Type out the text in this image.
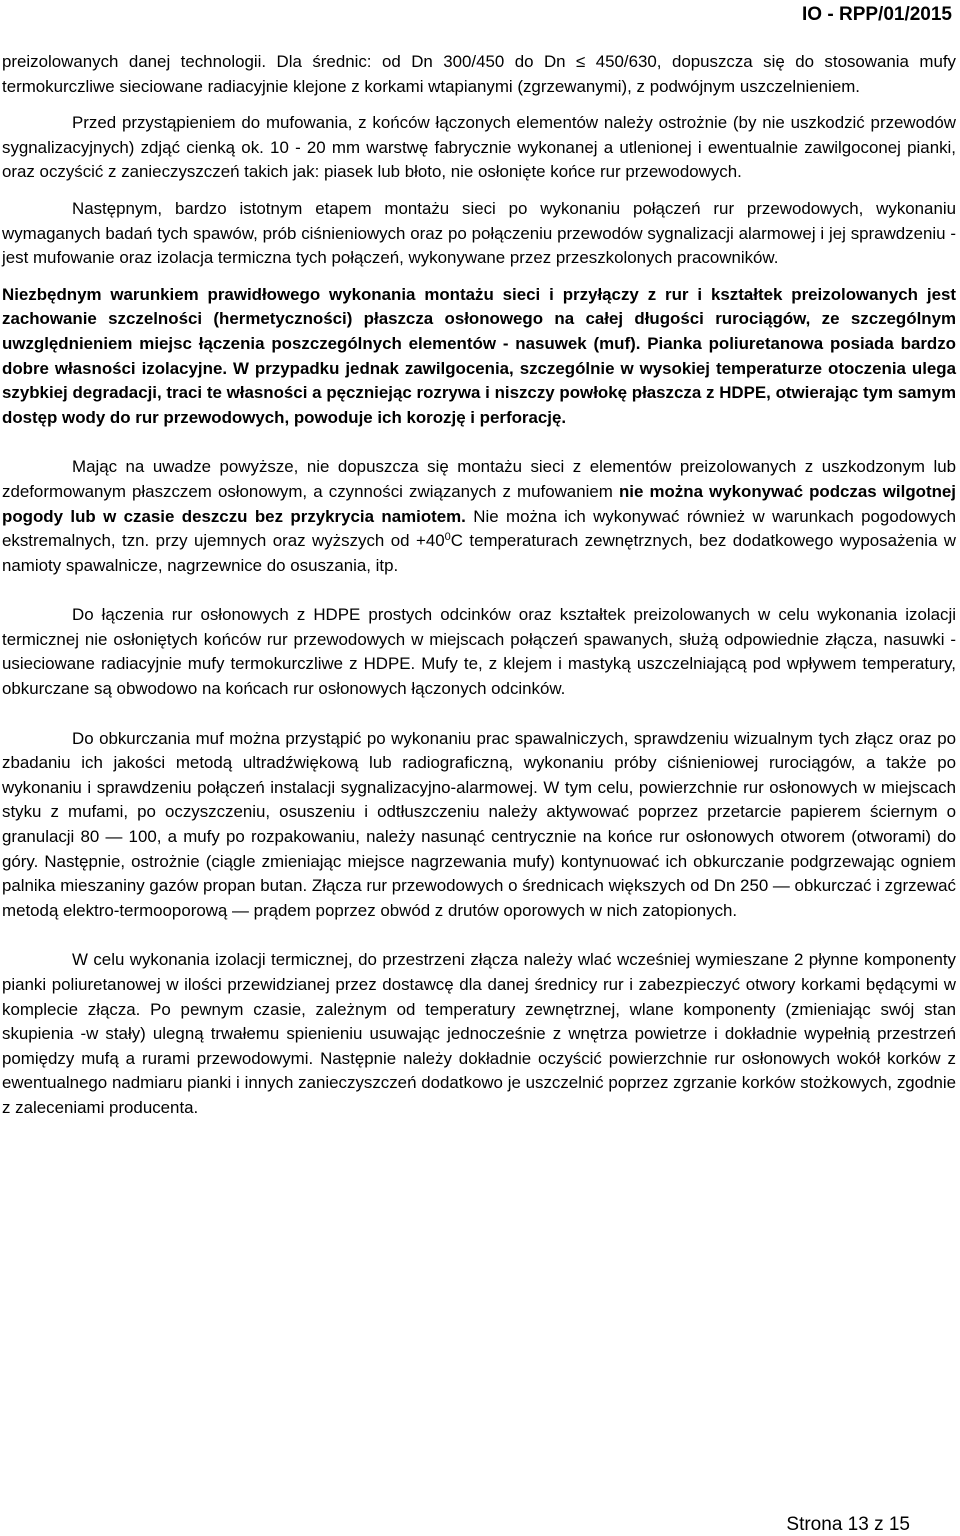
IO - RPP/01/2015

preizolowanych danej technologii. Dla średnic: od Dn 300/450 do Dn ≤ 450/630, dopuszcza się do stosowania mufy termokurczliwe sieciowane radiacyjnie klejone z korkami wtapianymi (zgrzewanymi), z podwójnym uszczelnieniem.

Przed przystąpieniem do mufowania, z końców łączonych elementów należy ostrożnie (by nie uszkodzić przewodów sygnalizacyjnych) zdjąć cienką ok. 10 - 20 mm warstwę fabrycznie wykonanej a utlenionej i ewentualnie zawilgoconej pianki, oraz oczyścić z zanieczyszczeń takich jak: piasek lub błoto, nie osłonięte końce rur przewodowych.

Następnym, bardzo istotnym etapem montażu sieci po wykonaniu połączeń rur przewodowych, wykonaniu wymaganych badań tych spawów, prób ciśnieniowych oraz po połączeniu przewodów sygnalizacji alarmowej i jej sprawdzeniu - jest mufowanie oraz izolacja termiczna tych połączeń, wykonywane przez przeszkolonych pracowników.

Niezbędnym warunkiem prawidłowego wykonania montażu sieci i przyłączy z rur i kształtek preizolowanych jest zachowanie szczelności (hermetyczności) płaszcza osłonowego na całej długości rurociągów, ze szczególnym uwzględnieniem miejsc łączenia poszczególnych elementów - nasuwek (muf). Pianka poliuretanowa posiada bardzo dobre własności izolacyjne. W przypadku jednak zawilgocenia, szczególnie w wysokiej temperaturze otoczenia ulega szybkiej degradacji, traci te własności a pęczniejąc rozrywa i niszczy powłokę płaszcza z HDPE, otwierając tym samym dostęp wody do rur przewodowych, powoduje ich korozję i perforację.

Mając na uwadze powyższe, nie dopuszcza się montażu sieci z elementów preizolowanych z uszkodzonym lub zdeformowanym płaszczem osłonowym, a czynności związanych z mufowaniem nie można wykonywać podczas wilgotnej pogody lub w czasie deszczu bez przykrycia namiotem. Nie można ich wykonywać również w warunkach pogodowych ekstremalnych, tzn. przy ujemnych oraz wyższych od $+40^0C$ temperaturach zewnętrznych, bez dodatkowego wyposażenia w namioty spawalnicze, nagrzewnice do osuszania, itp.

Do łączenia rur osłonowych z HDPE prostych odcinków oraz kształtek preizolowanych w celu wykonania izolacji termicznej nie osłoniętych końców rur przewodowych w miejscach połączeń spawanych, służą odpowiednie złącza, nasuwki - usieciowane radiacyjnie mufy termokurczliwe z HDPE. Mufy te, z klejem i mastyką uszczelniającą pod wpływem temperatury, obkurczane są obwodowo na końcach rur osłonowych łączonych odcinków.

Do obkurczania muf można przystąpić po wykonaniu prac spawalniczych, sprawdzeniu wizualnym tych złącz oraz po zbadaniu ich jakości metodą ultradźwiękową lub radiograficzną, wykonaniu próby ciśnieniowej rurociągów, a także po wykonaniu i sprawdzeniu połączeń instalacji sygnalizacyjno-alarmowej. W tym celu, powierzchnie rur osłonowych w miejscach styku z mufami, po oczyszczeniu, osuszeniu i odtłuszczeniu należy aktywować poprzez przetarcie papierem ściernym o granulacji 80 — 100, a mufy po rozpakowaniu, należy nasunąć centrycznie na końce rur osłonowych otworem (otworami) do góry. Następnie, ostrożnie (ciągle zmieniając miejsce nagrzewania mufy) kontynuować ich obkurczanie podgrzewając ogniem palnika mieszaniny gazów propan butan. Złącza rur przewodowych o średnicach większych od Dn 250 — obkurczać i zgrzewać metodą elektro-termooporową — prądem poprzez obwód z drutów oporowych w nich zatopionych.

W celu wykonania izolacji termicznej, do przestrzeni złącza należy wlać wcześniej wymieszane 2 płynne komponenty pianki poliuretanowej w ilości przewidzianej przez dostawcę dla danej średnicy rur i zabezpieczyć otwory korkami będącymi w komplecie złącza. Po pewnym czasie, zależnym od temperatury zewnętrznej, wlane komponenty (zmieniając swój stan skupienia -w stały) ulegną trwałemu spienieniu usuwając jednocześnie z wnętrza powietrze i dokładnie wypełnią przestrzeń pomiędzy mufą a rurami przewodowymi. Następnie należy dokładnie oczyścić powierzchnie rur osłonowych wokół korków z ewentualnego nadmiaru pianki i innych zanieczyszczeń dodatkowo je uszczelnić poprzez zgrzanie korków stożkowych, zgodnie z zaleceniami producenta.

Strona 13 z 15
